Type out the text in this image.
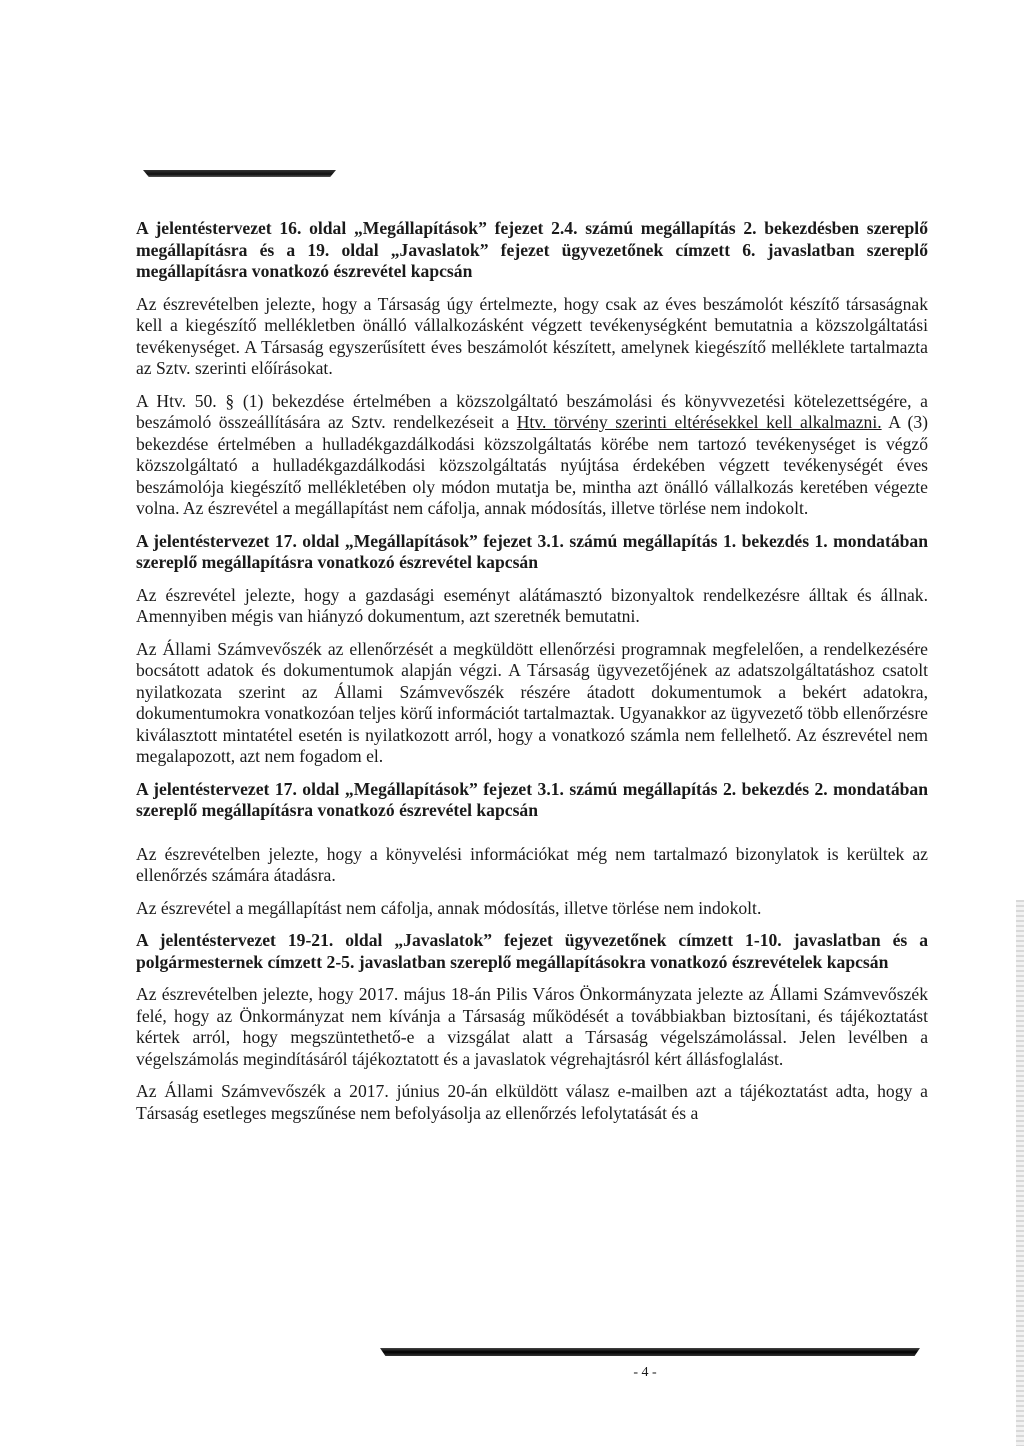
A jelentéstervezet 16. oldal „Megállapítások” fejezet 2.4. számú megállapítás 2. bekezdésben szereplő megállapításra és a 19. oldal „Javaslatok” fejezet ügyvezetőnek címzett 6. javaslatban szereplő megállapításra vonatkozó észrevétel kapcsán

Az észrevételben jelezte, hogy a Társaság úgy értelmezte, hogy csak az éves beszámolót készítő társaságnak kell a kiegészítő mellékletben önálló vállalkozásként végzett tevékenységként bemutatnia a közszolgáltatási tevékenységet. A Társaság egyszerűsített éves beszámolót készített, amelynek kiegészítő melléklete tartalmazta az Sztv. szerinti előírásokat.

A Htv. 50. § (1) bekezdése értelmében a közszolgáltató beszámolási és könyvvezetési kötelezettségére, a beszámoló összeállítására az Sztv. rendelkezéseit a Htv. törvény szerinti eltérésekkel kell alkalmazni. A (3) bekezdése értelmében a hulladékgazdálkodási közszolgáltatás körébe nem tartozó tevékenységet is végző közszolgáltató a hulladékgazdálkodási közszolgáltatás nyújtása érdekében végzett tevékenységét éves beszámolója kiegészítő mellékletében oly módon mutatja be, mintha azt önálló vállalkozás keretében végezte volna. Az észrevétel a megállapítást nem cáfolja, annak módosítás, illetve törlése nem indokolt.

A jelentéstervezet 17. oldal „Megállapítások” fejezet 3.1. számú megállapítás 1. bekezdés 1. mondatában szereplő megállapításra vonatkozó észrevétel kapcsán

Az észrevétel jelezte, hogy a gazdasági eseményt alátámasztó bizonyaltok rendelkezésre álltak és állnak. Amennyiben mégis van hiányzó dokumentum, azt szeretnék bemutatni.

Az Állami Számvevőszék az ellenőrzését a megküldött ellenőrzési programnak megfelelően, a rendelkezésére bocsátott adatok és dokumentumok alapján végzi. A Társaság ügyvezetőjének az adatszolgáltatáshoz csatolt nyilatkozata szerint az Állami Számvevőszék részére átadott dokumentumok a bekért adatokra, dokumentumokra vonatkozóan teljes körű információt tartalmaztak. Ugyanakkor az ügyvezető több ellenőrzésre kiválasztott mintatétel esetén is nyilatkozott arról, hogy a vonatkozó számla nem fellelhető. Az észrevétel nem megalapozott, azt nem fogadom el.

A jelentéstervezet 17. oldal „Megállapítások” fejezet 3.1. számú megállapítás 2. bekezdés 2. mondatában szereplő megállapításra vonatkozó észrevétel kapcsán

Az észrevételben jelezte, hogy a könyvelési információkat még nem tartalmazó bizonylatok is kerültek az ellenőrzés számára átadásra.

Az észrevétel a megállapítást nem cáfolja, annak módosítás, illetve törlése nem indokolt.

A jelentéstervezet 19-21. oldal „Javaslatok” fejezet ügyvezetőnek címzett 1-10. javaslatban és a polgármesternek címzett 2-5. javaslatban szereplő megállapításokra vonatkozó észrevételek kapcsán

Az észrevételben jelezte, hogy 2017. május 18-án Pilis Város Önkormányzata jelezte az Állami Számvevőszék felé, hogy az Önkormányzat nem kívánja a Társaság működését a továbbiakban biztosítani, és tájékoztatást kértek arról, hogy megszüntethető-e a vizsgálat alatt a Társaság végelszámolással. Jelen levélben a végelszámolás megindításáról tájékoztatott és a javaslatok végrehajtásról kért állásfoglalást.

Az Állami Számvevőszék a 2017. június 20-án elküldött válasz e-mailben azt a tájékoztatást adta, hogy a Társaság esetleges megszűnése nem befolyásolja az ellenőrzés lefolytatását és a

- 4 -
